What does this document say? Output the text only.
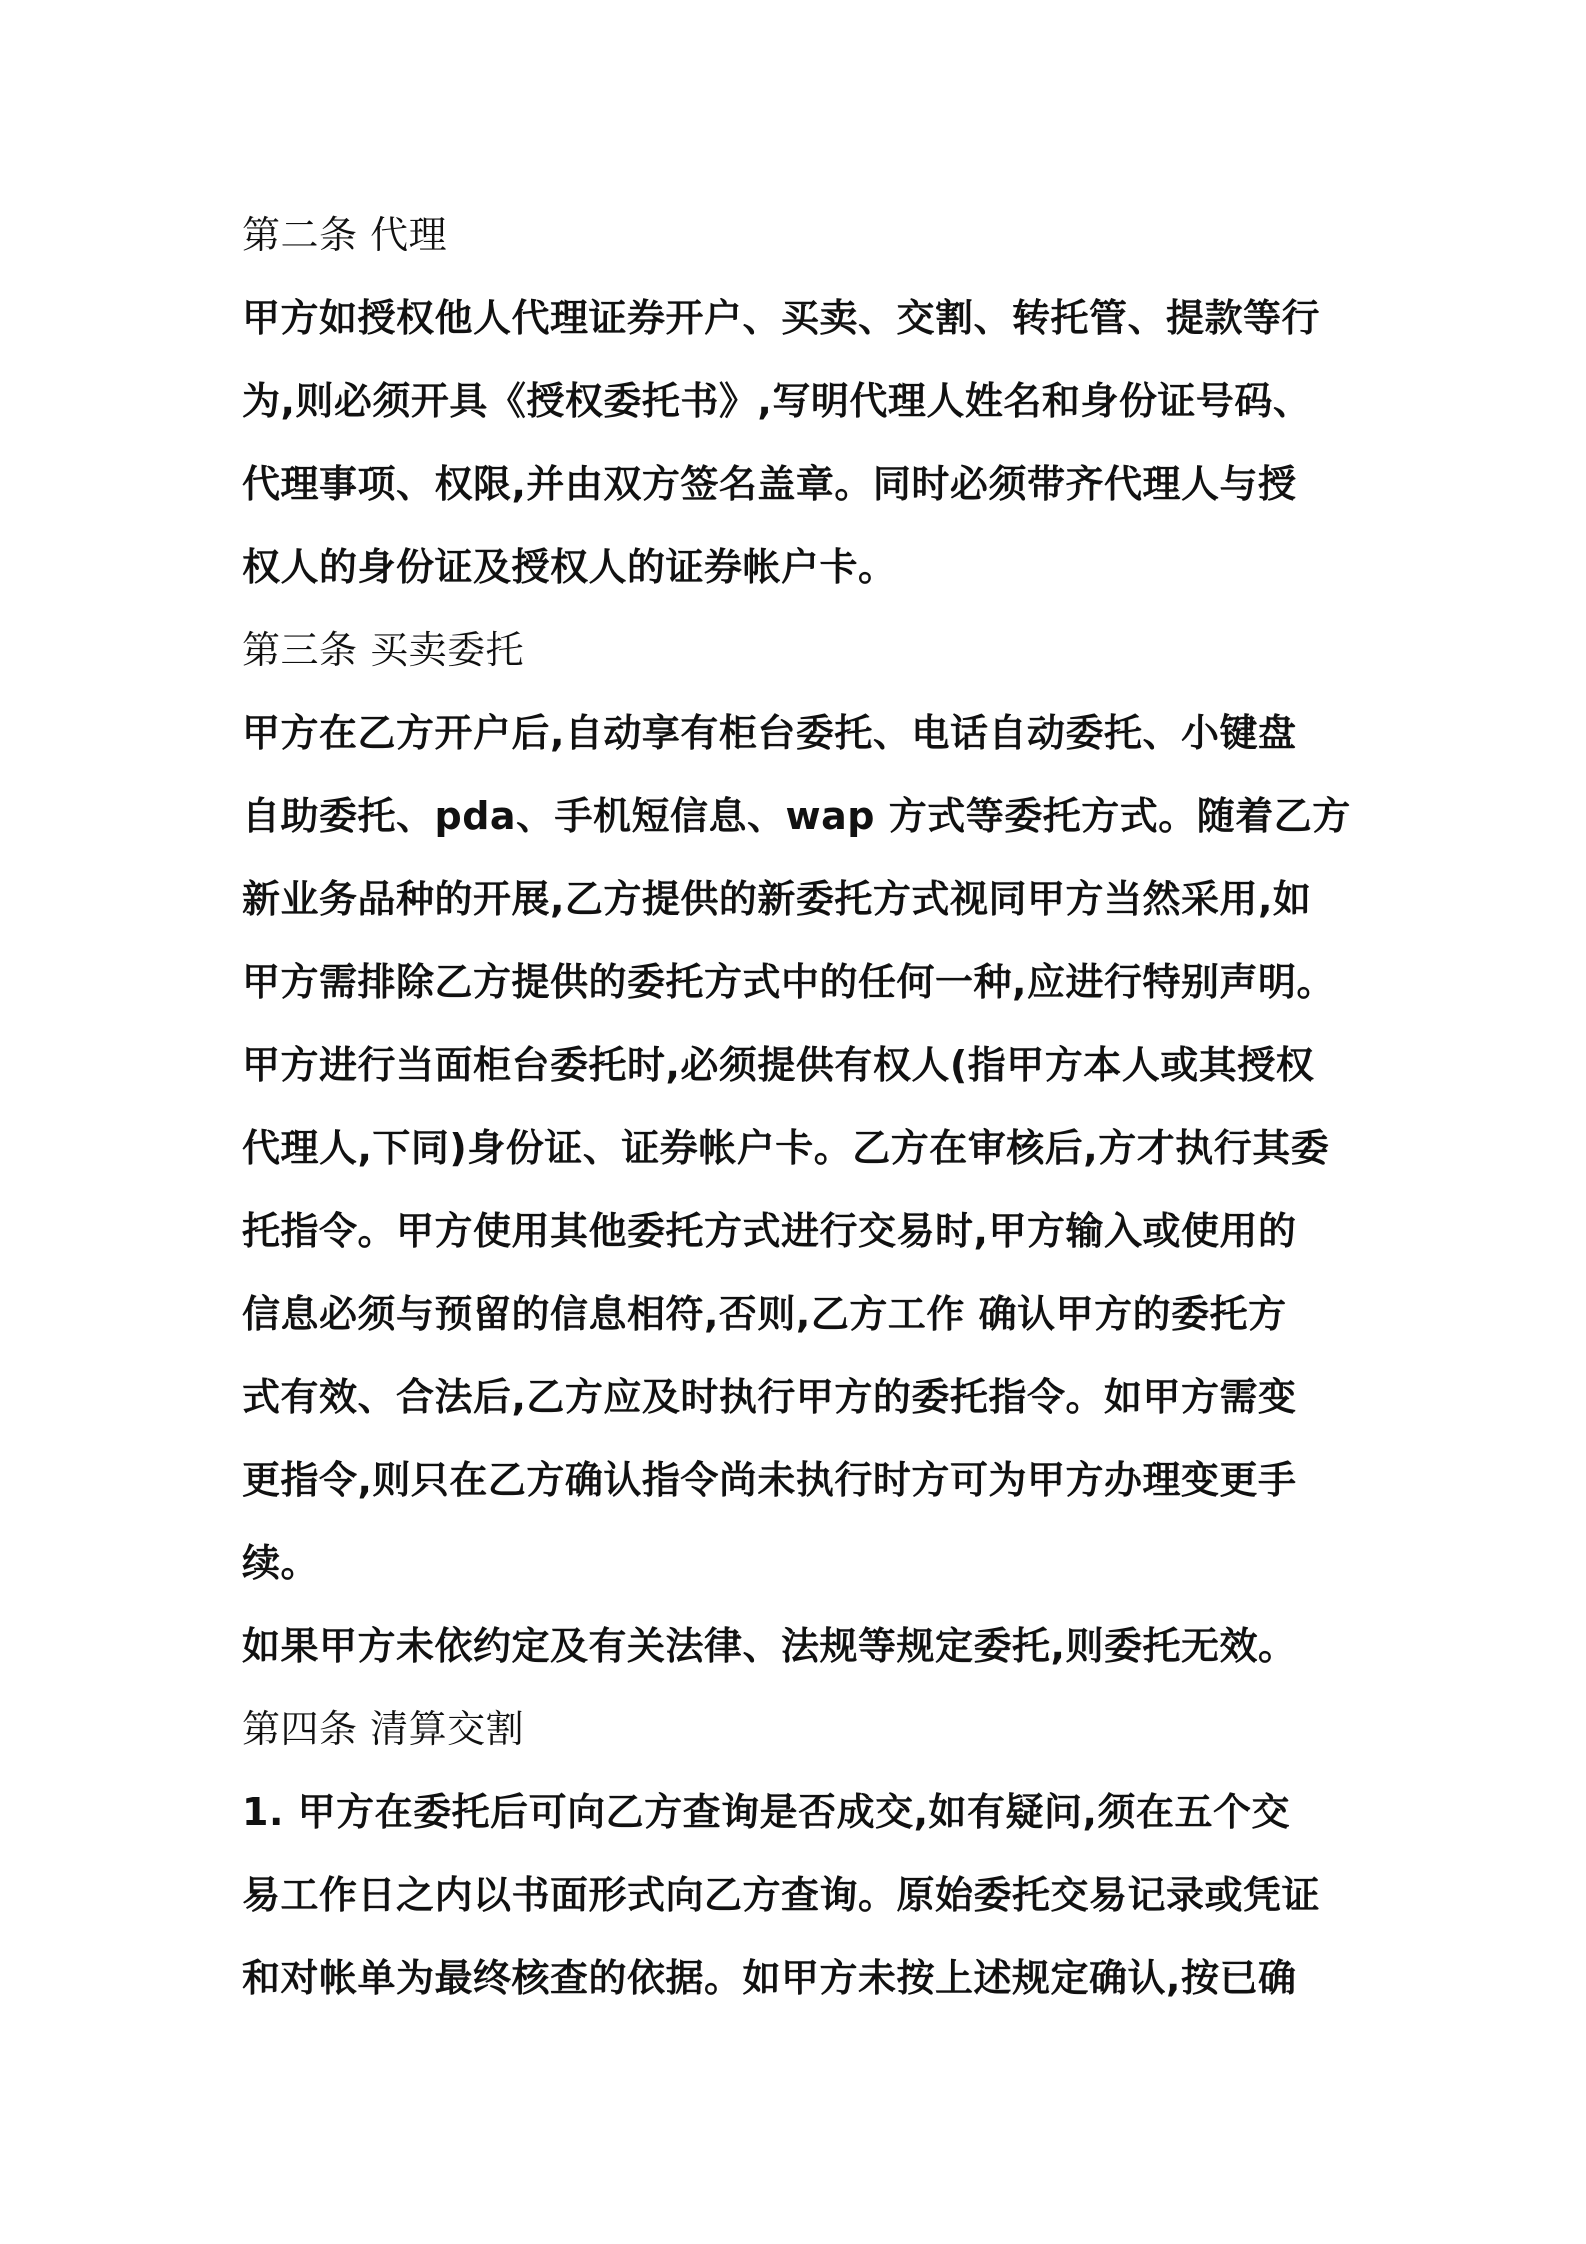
第二条 代理
甲方如授权他人代理证券开户、买卖、交割、转托管、提款等行
为,则必须开具《授权委托书》,写明代理人姓名和身份证号码、
代理事项、权限,并由双方签名盖章。同时必须带齐代理人与授
权人的身份证及授权人的证券帐户卡。
第三条 买卖委托
甲方在乙方开户后,自动享有柜台委托、电话自动委托、小键盘
自助委托、pda、手机短信息、wap 方式等委托方式。随着乙方
新业务品种的开展,乙方提供的新委托方式视同甲方当然采用,如
甲方需排除乙方提供的委托方式中的任何一种,应进行特别声明。
甲方进行当面柜台委托时,必须提供有权人(指甲方本人或其授权
代理人,下同)身份证、证券帐户卡。乙方在审核后,方才执行其委
托指令。甲方使用其他委托方式进行交易时,甲方输入或使用的
信息必须与预留的信息相符,否则,乙方工作 确认甲方的委托方
式有效、合法后,乙方应及时执行甲方的委托指令。如甲方需变
更指令,则只在乙方确认指令尚未执行时方可为甲方办理变更手
续。
如果甲方未依约定及有关法律、法规等规定委托,则委托无效。
第四条 清算交割
1. 甲方在委托后可向乙方查询是否成交,如有疑问,须在五个交
易工作日之内以书面形式向乙方查询。原始委托交易记录或凭证
和对帐单为最终核查的依据。如甲方未按上述规定确认,按已确
